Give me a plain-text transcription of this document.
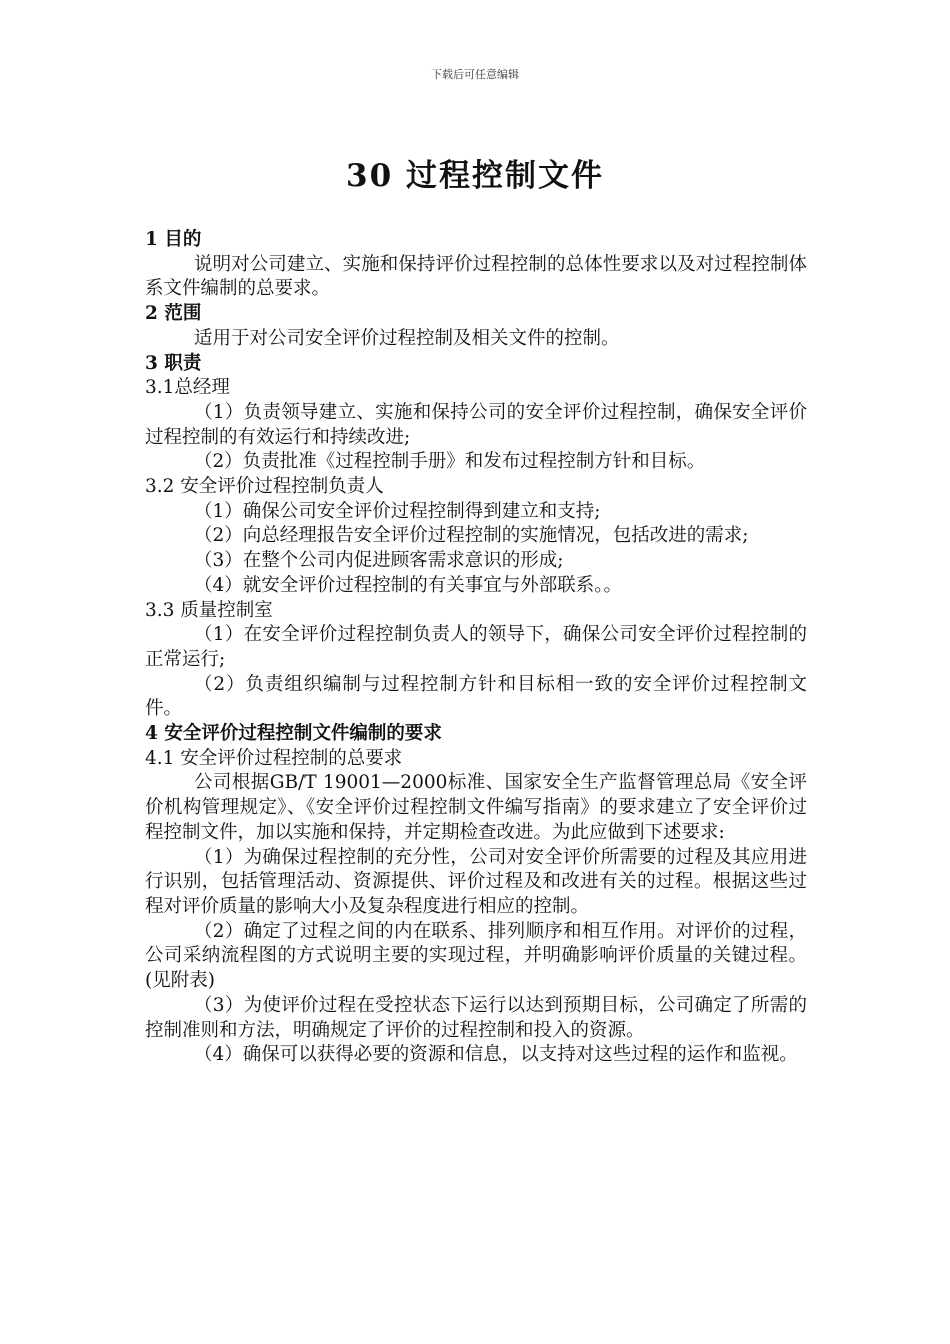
下载后可任意编辑
30 过程控制文件

1 目的

说明对公司建立、实施和保持评价过程控制的总体性要求以及对过程控制体系文件编制的总要求。

2 范围

适用于对公司安全评价过程控制及相关文件的控制。

3 职责

3.1总经理

（1）负责领导建立、实施和保持公司的安全评价过程控制，确保安全评价过程控制的有效运行和持续改进;

（2）负责批准《过程控制手册》和发布过程控制方针和目标。

3.2 安全评价过程控制负责人

（1）确保公司安全评价过程控制得到建立和支持;

（2）向总经理报告安全评价过程控制的实施情况，包括改进的需求;

（3）在整个公司内促进顾客需求意识的形成;

（4）就安全评价过程控制的有关事宜与外部联系。。

3.3 质量控制室

（1）在安全评价过程控制负责人的领导下，确保公司安全评价过程控制的正常运行;

（2）负责组织编制与过程控制方针和目标相一致的安全评价过程控制文件。

4 安全评价过程控制文件编制的要求

4.1 安全评价过程控制的总要求

公司根据GB/T 19001—2000标准、国家安全生产监督管理总局《安全评价机构管理规定》、《安全评价过程控制文件编写指南》的要求建立了安全评价过程控制文件，加以实施和保持，并定期检查改进。为此应做到下述要求:

（1）为确保过程控制的充分性，公司对安全评价所需要的过程及其应用进行识别，包括管理活动、资源提供、评价过程及和改进有关的过程。根据这些过程对评价质量的影响大小及复杂程度进行相应的控制。

（2）确定了过程之间的内在联系、排列顺序和相互作用。对评价的过程，公司采纳流程图的方式说明主要的实现过程，并明确影响评价质量的关键过程。(见附表)

（3）为使评价过程在受控状态下运行以达到预期目标，公司确定了所需的控制准则和方法，明确规定了评价的过程控制和投入的资源。

（4）确保可以获得必要的资源和信息，以支持对这些过程的运作和监视。
